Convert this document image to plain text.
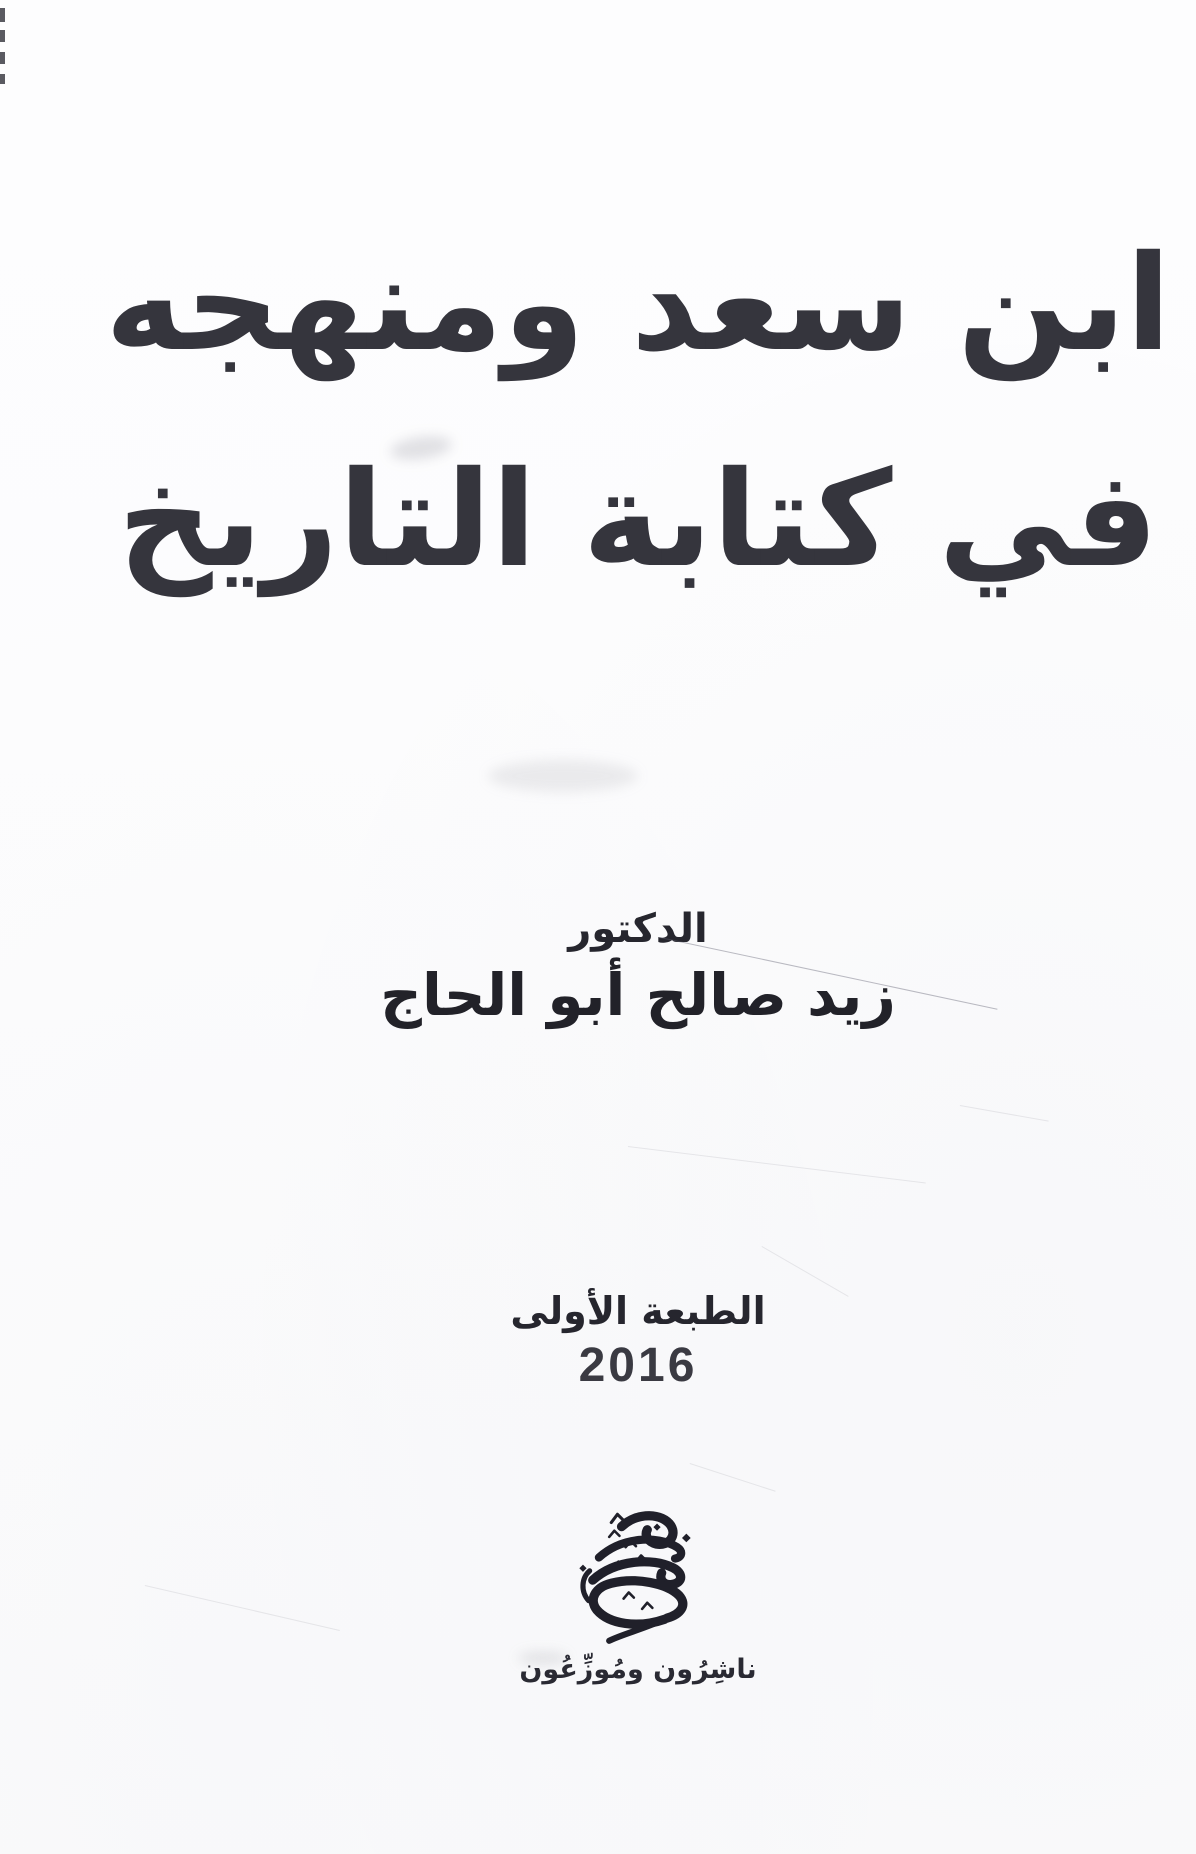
ابن سعد ومنهجه
في كتابة التاريخ
الدكتور
زيد صالح أبو الحاج
الطبعة الأولى
2016
ناشِرُون ومُوزِّعُون
